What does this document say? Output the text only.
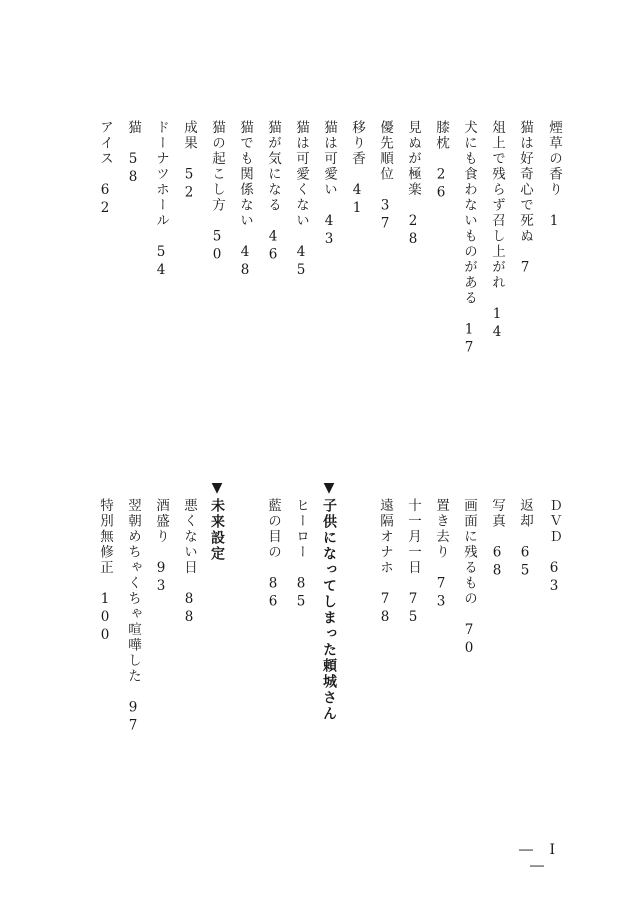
煙草の香り　1
猫は好奇心で死ぬ　7
俎上で残らず召し上がれ　14
犬にも食わないものがある　17
膝枕　26
見ぬが極楽　28
優先順位　37
移り香　41
猫は可愛い　43
猫は可愛くない　45
猫が気になる　46
猫でも関係ない　48
猫の起こし方　50
成果　52
ドーナツホール　54
猫　58
アイス　62
ＤＶＤ　63
返却　65
写真　68
画面に残るもの　70
置き去り　73
十一月一日　75
遠隔オナホ　78
▼子供になってしまった頼城さん
ヒーロー　85
藍の目の　86
▼未来設定
悪くない日　88
酒盛り　93
翌朝めちゃくちゃ喧嘩した　97
特別無修正　100
― Ⅰ ―
